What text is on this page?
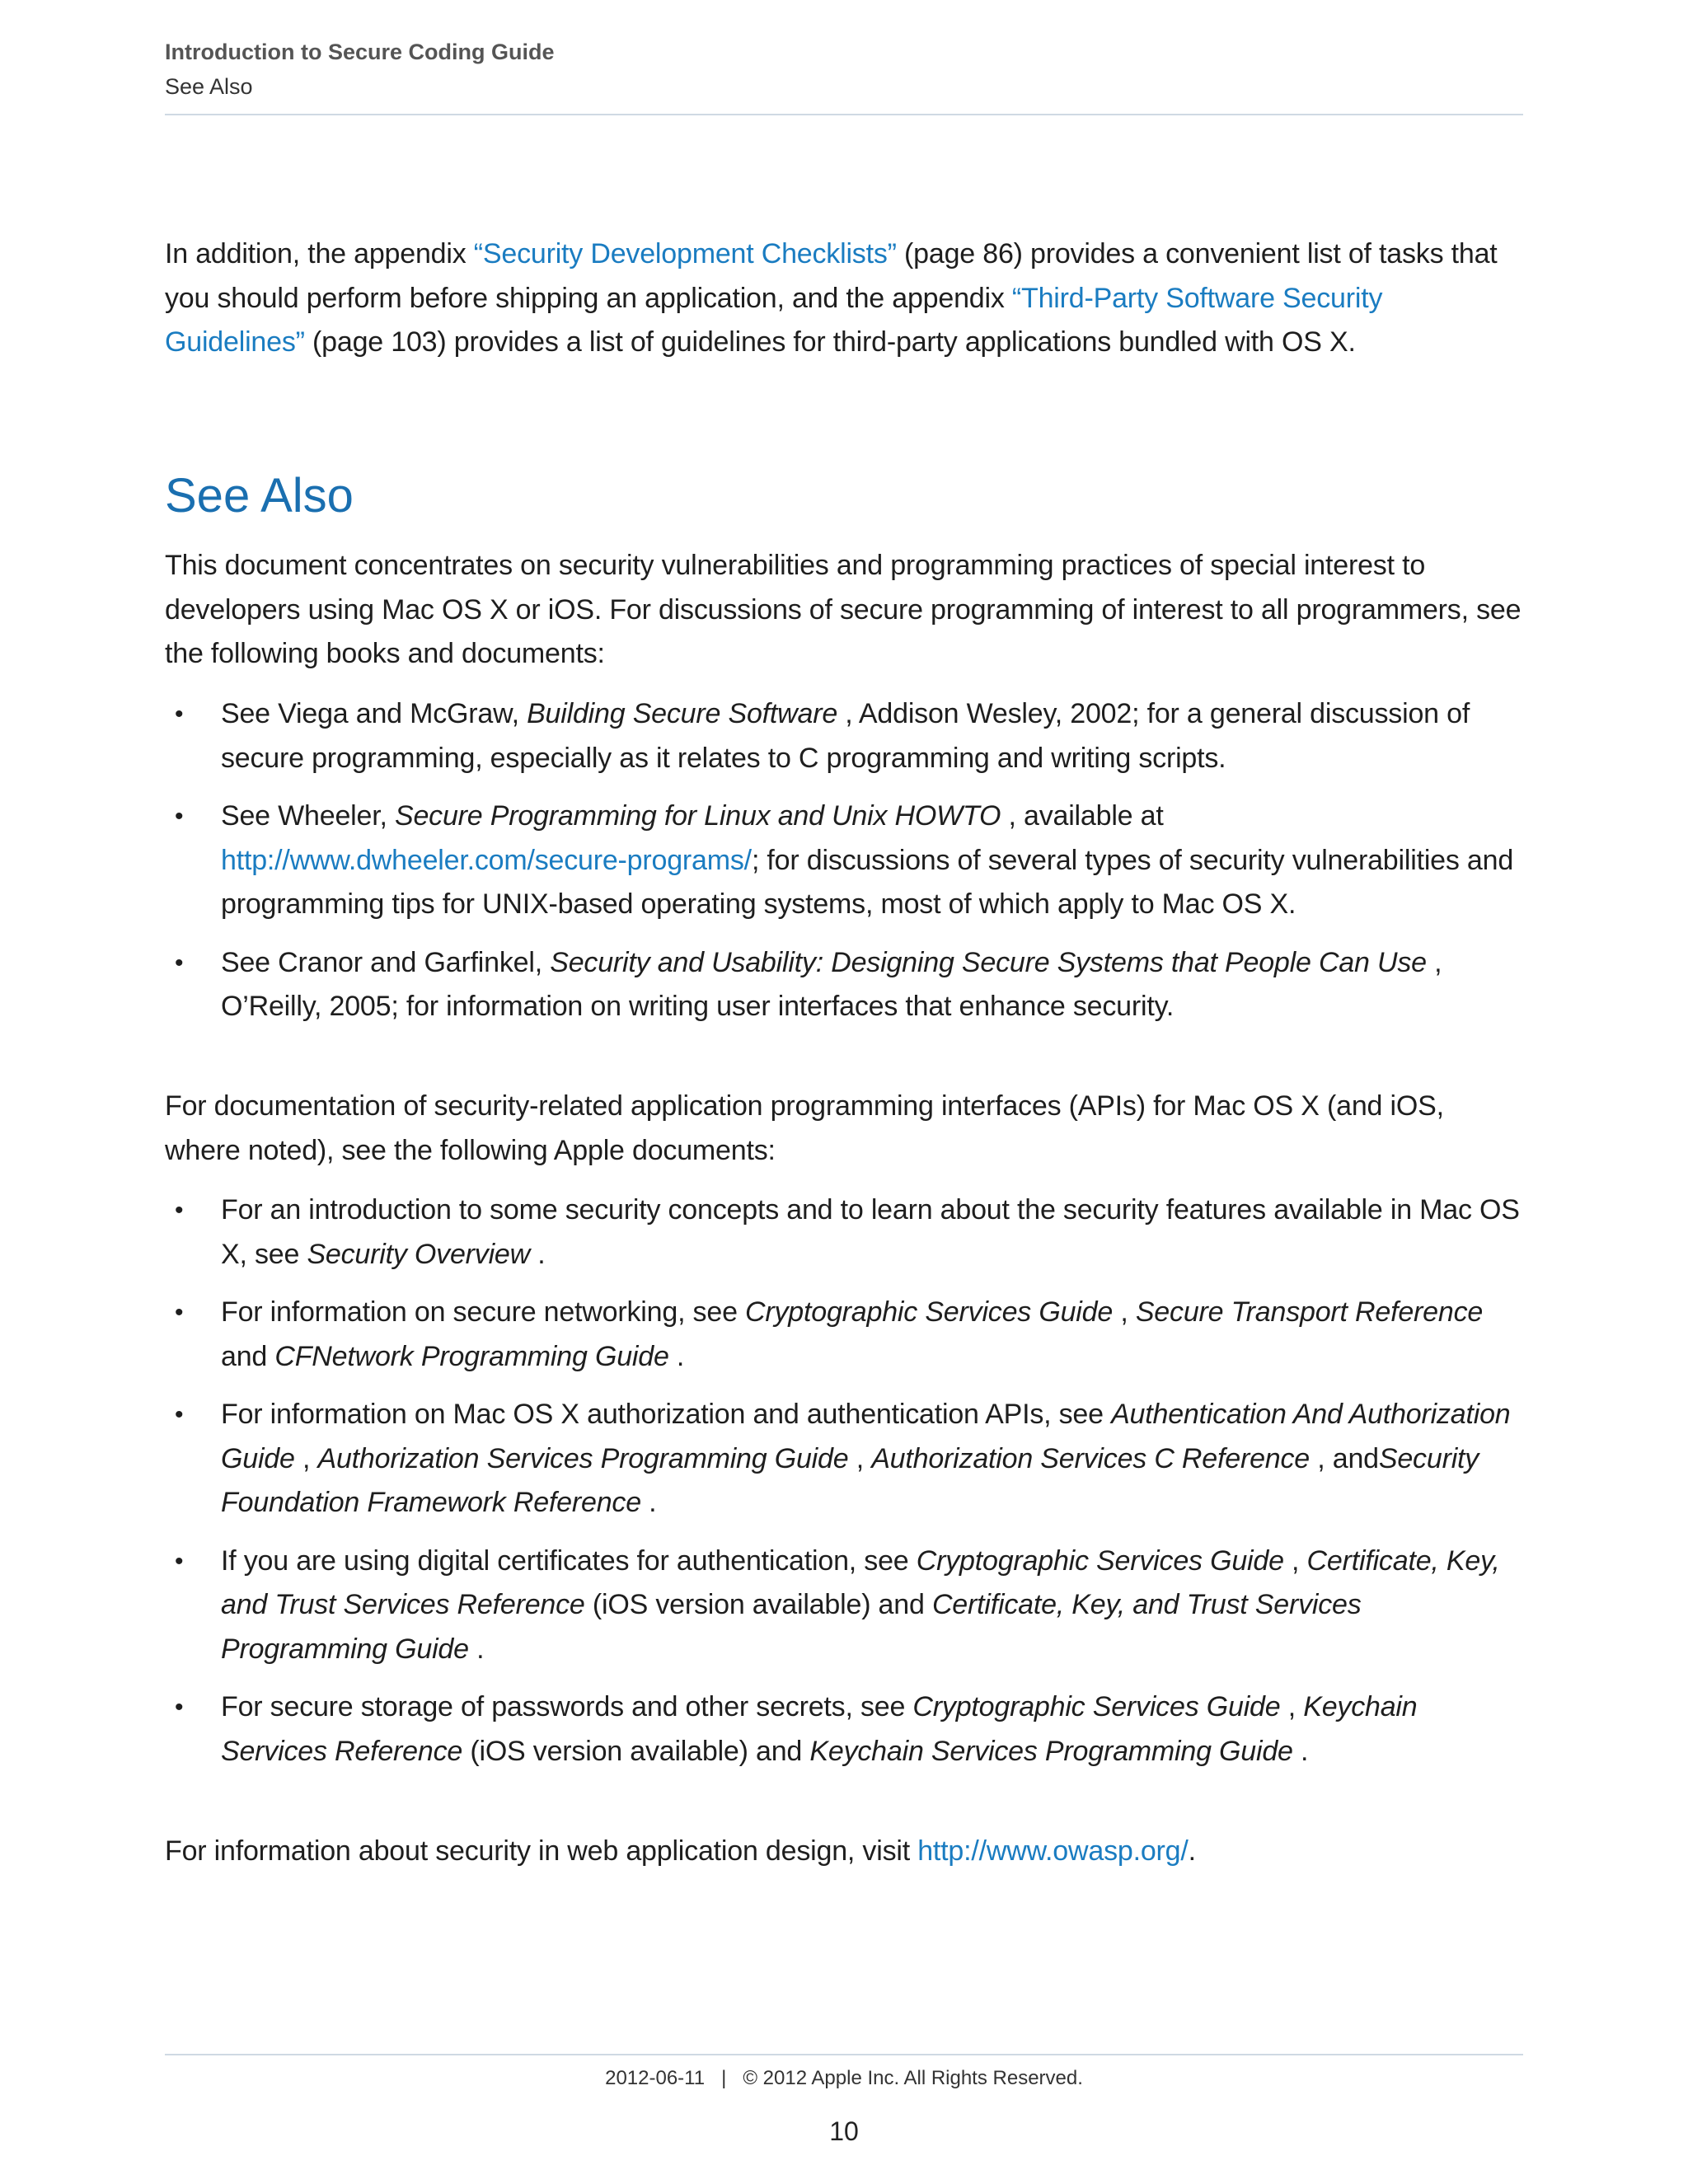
Introduction to Secure Coding Guide
See Also

In addition, the appendix “Security Development Checklists” (page 86) provides a convenient list of tasks that you should perform before shipping an application, and the appendix “Third-Party Software Security Guidelines” (page 103) provides a list of guidelines for third-party applications bundled with OS X.

See Also

This document concentrates on security vulnerabilities and programming practices of special interest to developers using Mac OS X or iOS. For discussions of secure programming of interest to all programmers, see the following books and documents:

• See Viega and McGraw, Building Secure Software , Addison Wesley, 2002; for a general discussion of secure programming, especially as it relates to C programming and writing scripts.
• See Wheeler, Secure Programming for Linux and Unix HOWTO , available at http://www.dwheeler.com/secure-programs/; for discussions of several types of security vulnerabilities and programming tips for UNIX-based operating systems, most of which apply to Mac OS X.
• See Cranor and Garfinkel, Security and Usability: Designing Secure Systems that People Can Use , O’Reilly, 2005; for information on writing user interfaces that enhance security.

For documentation of security-related application programming interfaces (APIs) for Mac OS X (and iOS, where noted), see the following Apple documents:

• For an introduction to some security concepts and to learn about the security features available in Mac OS X, see Security Overview .
• For information on secure networking, see Cryptographic Services Guide , Secure Transport Reference and CFNetwork Programming Guide .
• For information on Mac OS X authorization and authentication APIs, see Authentication And Authorization Guide , Authorization Services Programming Guide , Authorization Services C Reference , andSecurity Foundation Framework Reference .
• If you are using digital certificates for authentication, see Cryptographic Services Guide , Certificate, Key, and Trust Services Reference (iOS version available) and Certificate, Key, and Trust Services Programming Guide .
• For secure storage of passwords and other secrets, see Cryptographic Services Guide , Keychain Services Reference (iOS version available) and Keychain Services Programming Guide .

For information about security in web application design, visit http://www.owasp.org/.

2012-06-11   |   © 2012 Apple Inc. All Rights Reserved.
10
